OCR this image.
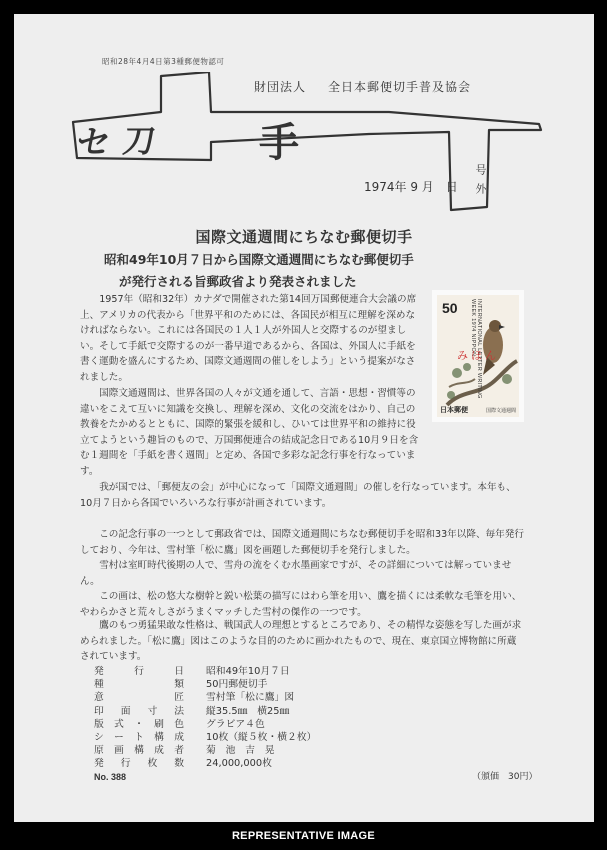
昭和28年4月4日第3種郵便物認可
セ 刀	手
財団法人 全日本郵便切手普及協会
1974年 9 月　日 号外
国際文通週間にちなむ郵便切手
昭和49年10月７日から国際文通週間にちなむ郵便切手
が発行される旨郵政省より発表されました

1957年（昭和32年）カナダで開催された第14回万国郵便連合大会議の席上、アメリカの代表から「世界平和のためには、各国民が相互に理解を深めなければならない。これには各国民の１人１人が外国人と交際するのが望ましい。そして手紙で交際するのが一番早道であるから、各国は、外国人に手紙を書く運動を盛んにするため、国際文通週間の催しをしよう」という提案がなされました。

国際文通週間は、世界各国の人々が文通を通して、言語・思想・習慣等の違いをこえて互いに知識を交換し、理解を深め、文化の交流をはかり、自己の教養をたかめるとともに、国際的緊張を緩和し、ひいては世界平和の維持に役立てようという趣旨のもので、万国郵便連合の結成記念日である10月９日を含む１週間を「手紙を書く週間」と定め、各国で多彩な記念行事を行なっています。

50	INTERNATIONAL LETTER WRITING WEEK 1974 NIPPON
みほん
日本郵便	国際文通週間

我が国では、「郵便友の会」が中心になって「国際文通週間」の催しを行なっています。本年も、10月７日から各国でいろいろな行事が計画されています。

この記念行事の一つとして郵政省では、国際文通週間にちなむ郵便切手を昭和33年以降、毎年発行しており、今年は、雪村筆「松に鷹」図を画題した郵便切手を発行しました。

雪村は室町時代後期の人で、雪舟の流をくむ水墨画家ですが、その詳細については解っていません。

この画は、松の悠大な樹幹と鋭い松葉の描写にはわら筆を用い、鷹を描くには柔軟な毛筆を用い、やわらかさと荒々しさがうまくマッチした雪村の傑作の一つです。

鷹のもつ勇猛果敢な性格は、戦国武人の理想とするところであり、その精悍な姿態を写した画が求められました。「松に鷹」図はこのような目的のために画かれたもので、現在、東京国立博物館に所蔵されています。

発行日 昭和49年10月７日
種類 50円郵便切手
意匠 雪村筆「松に鷹」図
印面寸法 縦35.5㎜　横25㎜
版式・刷色 グラビア４色
シート構成 10枚（縦５枚・横２枚）
原画構成者 菊　池　吉　晃
発行枚数 24,000,000枚
No. 388	（頒価　30円）
REPRESENTATIVE IMAGE
